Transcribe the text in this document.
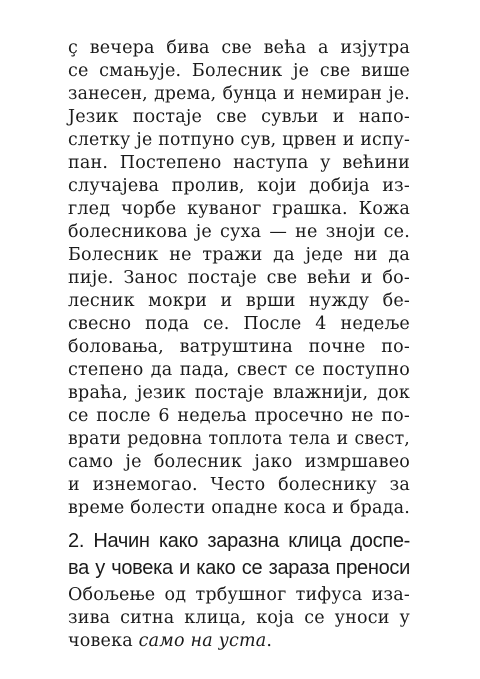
ç вечера бива све већа а изјутра
се смањује. Болесник је све више
занесен, дрема, бунца и немиран је.
Језик постаје све сувљи и напо-
слетку је потпуно сув, црвен и испу-
пан. Постепено наступа у већини
случајева пролив, који добија из-
глед чорбе куваног грашка. Кожа
болесникова је суха — не зноји се.
Болесник не тражи да једе ни да
пије. Занос постаје све већи и бо-
лесник мокри и врши нужду бе-
свесно пода се. После 4 недеље
боловања, ватруштина почне по-
степено да пада, свест се поступно
враћа, језик постаје влажнији, док
се после 6 недеља просечно не по-
врати редовна топлота тела и свест,
само је болесник јако измршавео
и изнемогао. Често болеснику за
време болести опадне коса и брада.
2. Начин како заразна клица доспе-
ва у човека и како се зараза преноси
Обољење од трбушног тифуса иза-
зива ситна клица, која се уноси у
човека само на уста.
